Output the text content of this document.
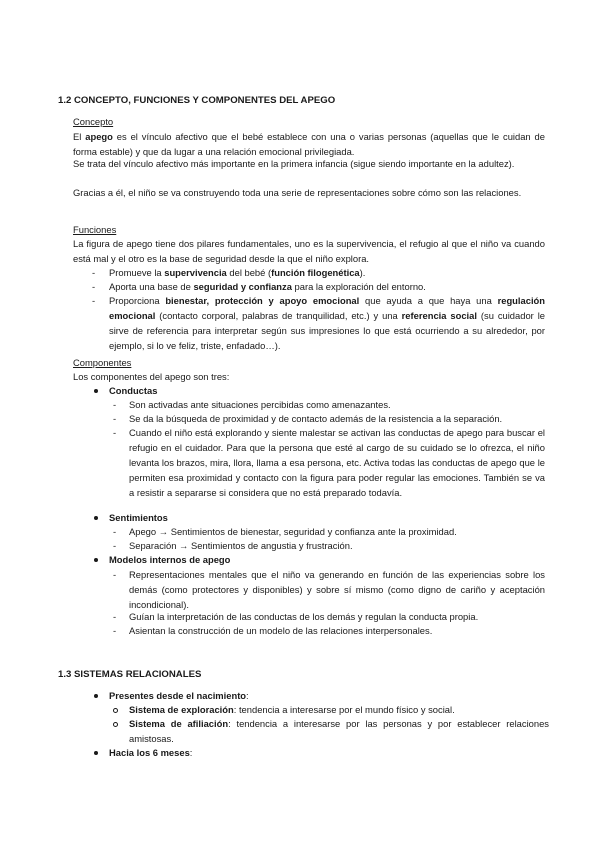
1.2 CONCEPTO, FUNCIONES Y COMPONENTES DEL APEGO
Concepto
El apego es el vínculo afectivo que el bebé establece con una o varias personas (aquellas que le cuidan de forma estable) y que da lugar a una relación emocional privilegiada.
Se trata del vínculo afectivo más importante en la primera infancia (sigue siendo importante en la adultez).
Gracias a él, el niño se va construyendo toda una serie de representaciones sobre cómo son las relaciones.
Funciones
La figura de apego tiene dos pilares fundamentales, uno es la supervivencia, el refugio al que el niño va cuando está mal y el otro es la base de seguridad desde la que el niño explora.
- Promueve la supervivencia del bebé (función filogenética).
- Aporta una base de seguridad y confianza para la exploración del entorno.
- Proporciona bienestar, protección y apoyo emocional que ayuda a que haya una regulación emocional (contacto corporal, palabras de tranquilidad, etc.) y una referencia social (su cuidador le sirve de referencia para interpretar según sus impresiones lo que está ocurriendo a su alrededor, por ejemplo, si lo ve feliz, triste, enfadado…).
Componentes
Los componentes del apego son tres:
Conductas
- Son activadas ante situaciones percibidas como amenazantes.
- Se da la búsqueda de proximidad y de contacto además de la resistencia a la separación.
- Cuando el niño está explorando y siente malestar se activan las conductas de apego para buscar el refugio en el cuidador. Para que la persona que esté al cargo de su cuidado se lo ofrezca, el niño levanta los brazos, mira, llora, llama a esa persona, etc. Activa todas las conductas de apego que le permiten esa proximidad y contacto con la figura para poder regular las emociones. También se va a resistir a separarse si considera que no está preparado todavía.
Sentimientos
- Apego → Sentimientos de bienestar, seguridad y confianza ante la proximidad.
- Separación → Sentimientos de angustia y frustración.
Modelos internos de apego
- Representaciones mentales que el niño va generando en función de las experiencias sobre los demás (como protectores y disponibles) y sobre sí mismo (como digno de cariño y aceptación incondicional).
- Guían la interpretación de las conductas de los demás y regulan la conducta propia.
- Asientan la construcción de un modelo de las relaciones interpersonales.
1.3 SISTEMAS RELACIONALES
Presentes desde el nacimiento:
Sistema de exploración: tendencia a interesarse por el mundo físico y social.
Sistema de afiliación: tendencia a interesarse por las personas y por establecer relaciones amistosas.
Hacia los 6 meses:
